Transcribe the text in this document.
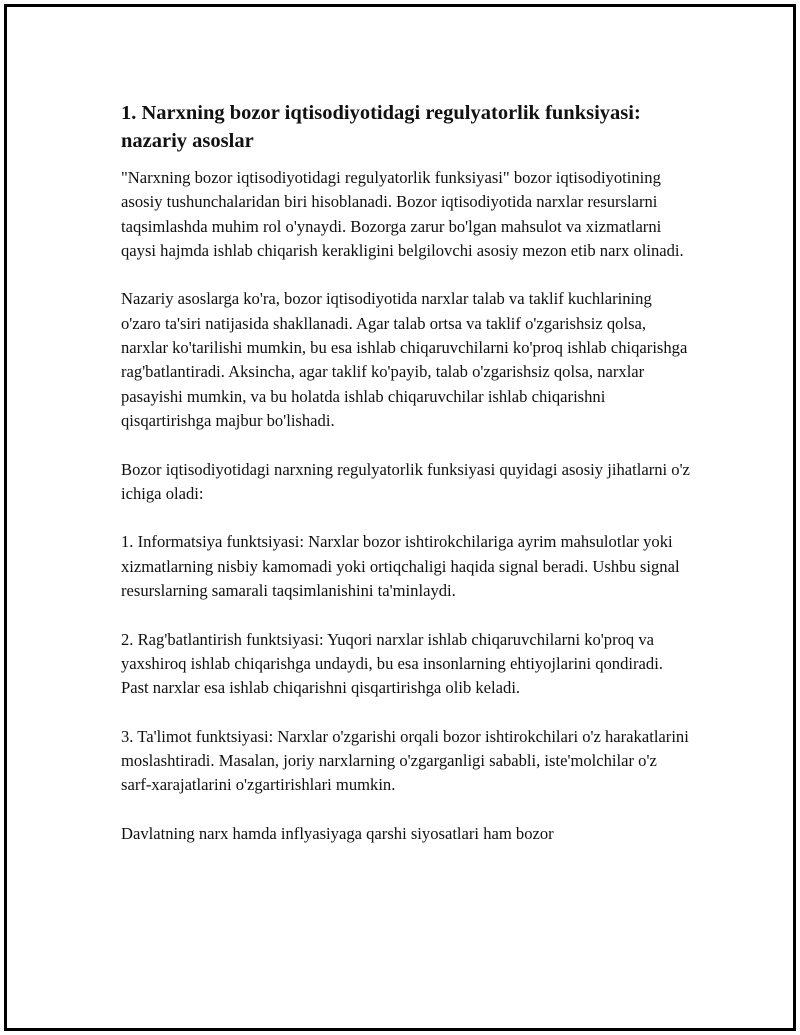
1. Narxning bozor iqtisodiyotidagi regulyatorlik funksiyasi: nazariy asoslar

"Narxning bozor iqtisodiyotidagi regulyatorlik funksiyasi" bozor iqtisodiyotining asosiy tushunchalaridan biri hisoblanadi. Bozor iqtisodiyotida narxlar resurslarni taqsimlashda muhim rol o'ynaydi. Bozorga zarur bo'lgan mahsulot va xizmatlarni qaysi hajmda ishlab chiqarish kerakligini belgilovchi asosiy mezon etib narx olinadi.

Nazariy asoslarga ko'ra, bozor iqtisodiyotida narxlar talab va taklif kuchlarining o'zaro ta'siri natijasida shakllanadi. Agar talab ortsa va taklif o'zgarishsiz qolsa, narxlar ko'tarilishi mumkin, bu esa ishlab chiqaruvchilarni ko'proq ishlab chiqarishga rag'batlantiradi. Aksincha, agar taklif ko'payib, talab o'zgarishsiz qolsa, narxlar pasayishi mumkin, va bu holatda ishlab chiqaruvchilar ishlab chiqarishni qisqartirishga majbur bo'lishadi.

Bozor iqtisodiyotidagi narxning regulyatorlik funksiyasi quyidagi asosiy jihatlarni o'z ichiga oladi:

1. Informatsiya funktsiyasi: Narxlar bozor ishtirokchilariga ayrim mahsulotlar yoki xizmatlarning nisbiy kamomadi yoki ortiqchaligi haqida signal beradi. Ushbu signal resurslarning samarali taqsimlanishini ta'minlaydi.

2. Rag'batlantirish funktsiyasi: Yuqori narxlar ishlab chiqaruvchilarni ko'proq va yaxshiroq ishlab chiqarishga undaydi, bu esa insonlarning ehtiyojlarini qondiradi. Past narxlar esa ishlab chiqarishni qisqartirishga olib keladi.

3. Ta'limot funktsiyasi: Narxlar o'zgarishi orqali bozor ishtirokchilari o'z harakatlarini moslashtiradi. Masalan, joriy narxlarning o'zgarganligi sababli, iste'molchilar o'z sarf-xarajatlarini o'zgartirishlari mumkin.

Davlatning narx hamda inflyasiyaga qarshi siyosatlari ham bozor
